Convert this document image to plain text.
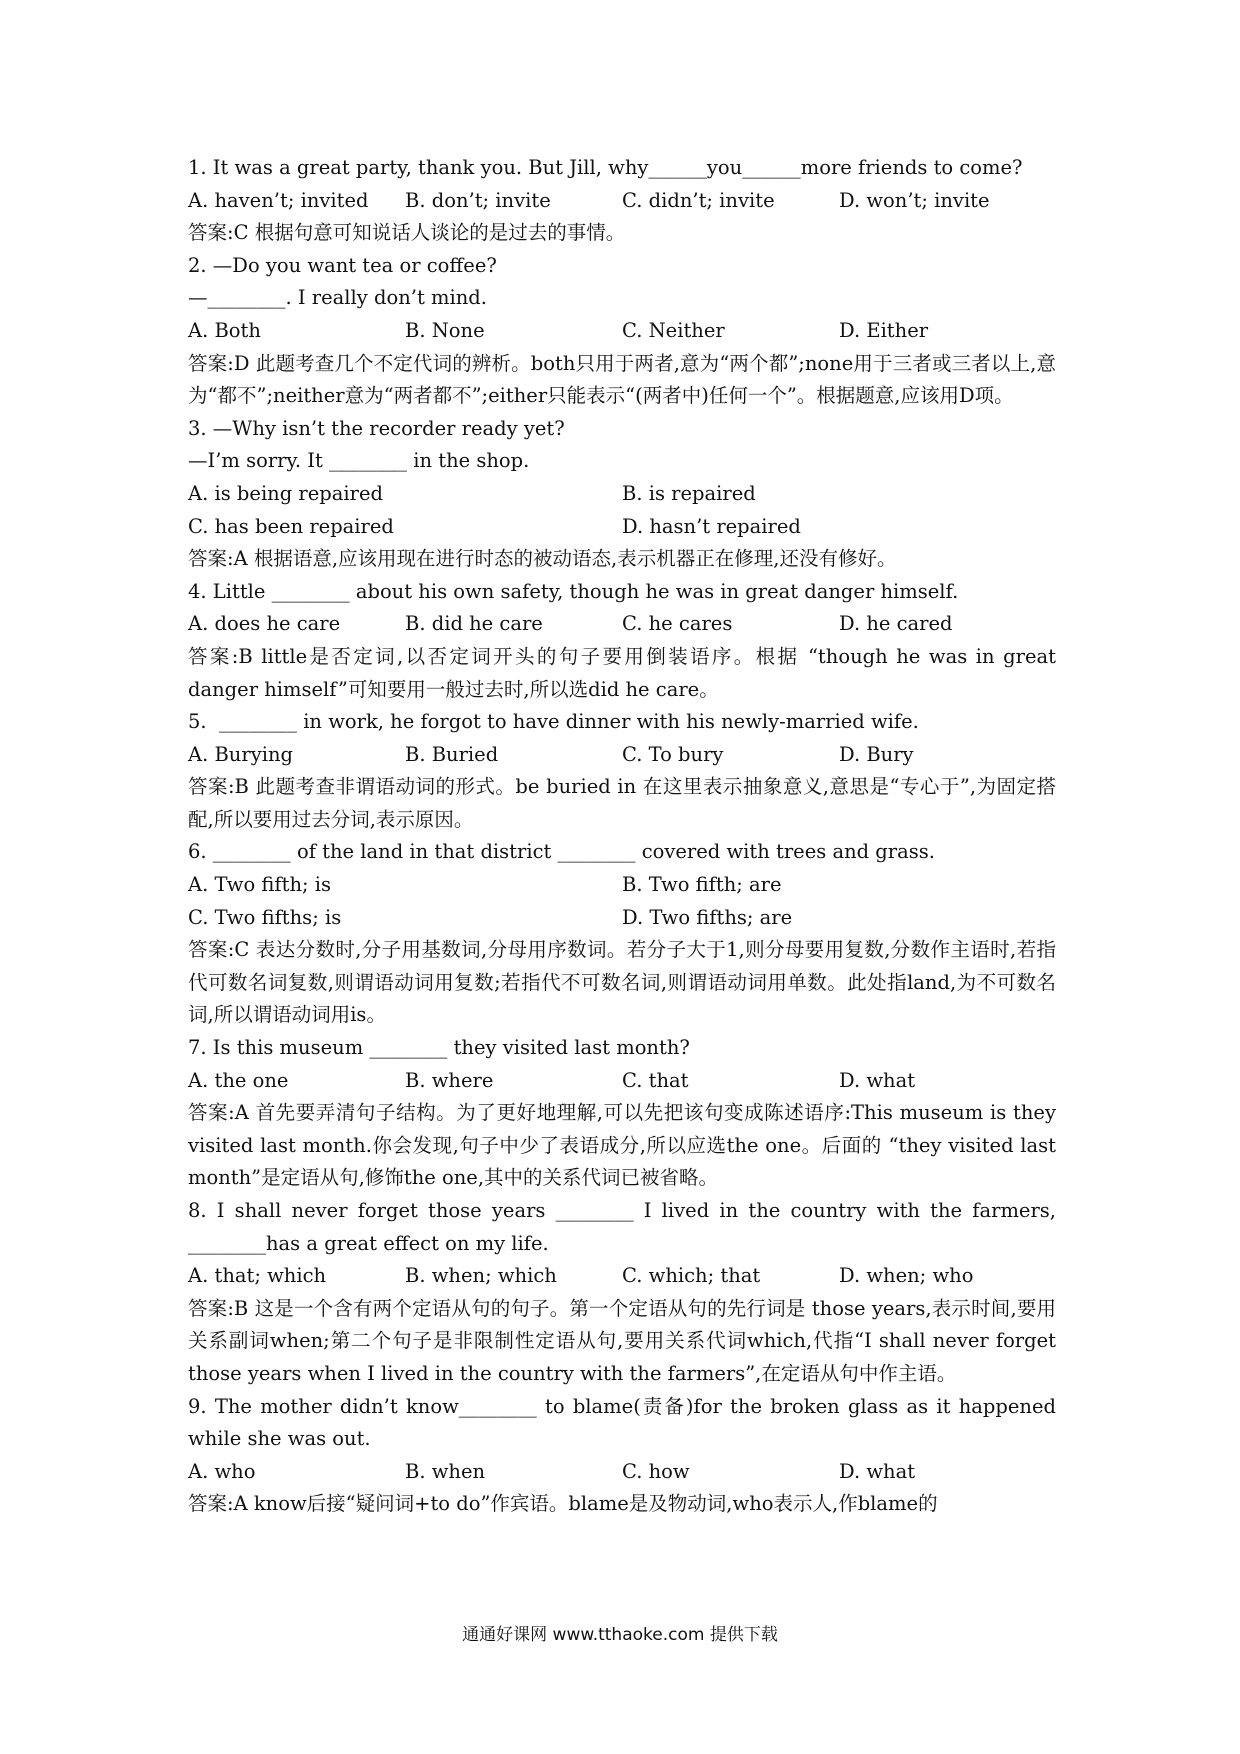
1. It was a great party, thank you. But Jill, why______you______more friends to come?
A. haven’t; invited	B. don’t; invite	C. didn’t; invite	D. won’t; invite
答案:C 根据句意可知说话人谈论的是过去的事情。
2. —Do you want tea or coffee?
—________. I really don’t mind.
A. Both	B. None	C. Neither	D. Either
答案:D 此题考查几个不定代词的辨析。both只用于两者,意为“两个都”;none用于三者或三者以上,意为“都不”;neither意为“两者都不”;either只能表示“(两者中)任何一个”。根据题意,应该用D项。
3. —Why isn’t the recorder ready yet?
—I’m sorry. It ________ in the shop.
A. is being repaired	B. is repaired
C. has been repaired	D. hasn’t repaired
答案:A 根据语意,应该用现在进行时态的被动语态,表示机器正在修理,还没有修好。
4. Little ________ about his own safety, though he was in great danger himself.
A. does he care	B. did he care	C. he cares	D. he cared
答案:B little是否定词,以否定词开头的句子要用倒装语序。根据 “though he was in great danger himself”可知要用一般过去时,所以选did he care。
5.  ________ in work, he forgot to have dinner with his newly-married wife.
A. Burying	B. Buried	C. To bury	D. Bury
答案:B 此题考查非谓语动词的形式。be buried in 在这里表示抽象意义,意思是“专心于”,为固定搭配,所以要用过去分词,表示原因。
6. ________ of the land in that district ________ covered with trees and grass.
A. Two fifth; is	B. Two fifth; are
C. Two fifths; is	D. Two fifths; are
答案:C 表达分数时,分子用基数词,分母用序数词。若分子大于1,则分母要用复数,分数作主语时,若指代可数名词复数,则谓语动词用复数;若指代不可数名词,则谓语动词用单数。此处指land,为不可数名词,所以谓语动词用is。
7. Is this museum ________ they visited last month?
A. the one	B. where	C. that	D. what
答案:A 首先要弄清句子结构。为了更好地理解,可以先把该句变成陈述语序:This museum is they visited last month.你会发现,句子中少了表语成分,所以应选the one。后面的 “they visited last month”是定语从句,修饰the one,其中的关系代词已被省略。
8. I shall never forget those years ________ I lived in the country with the farmers, ________has a great effect on my life.
A. that; which	B. when; which	C. which; that	D. when; who
答案:B 这是一个含有两个定语从句的句子。第一个定语从句的先行词是 those years,表示时间,要用关系副词when;第二个句子是非限制性定语从句,要用关系代词which,代指“I shall never forget those years when I lived in the country with the farmers”,在定语从句中作主语。
9. The mother didn’t know________ to blame(责备)for the broken glass as it happened while she was out.
A. who	B. when	C. how	D. what
答案:A know后接“疑问词+to do”作宾语。blame是及物动词,who表示人,作blame的
通通好课网 www.tthaoke.com 提供下载
